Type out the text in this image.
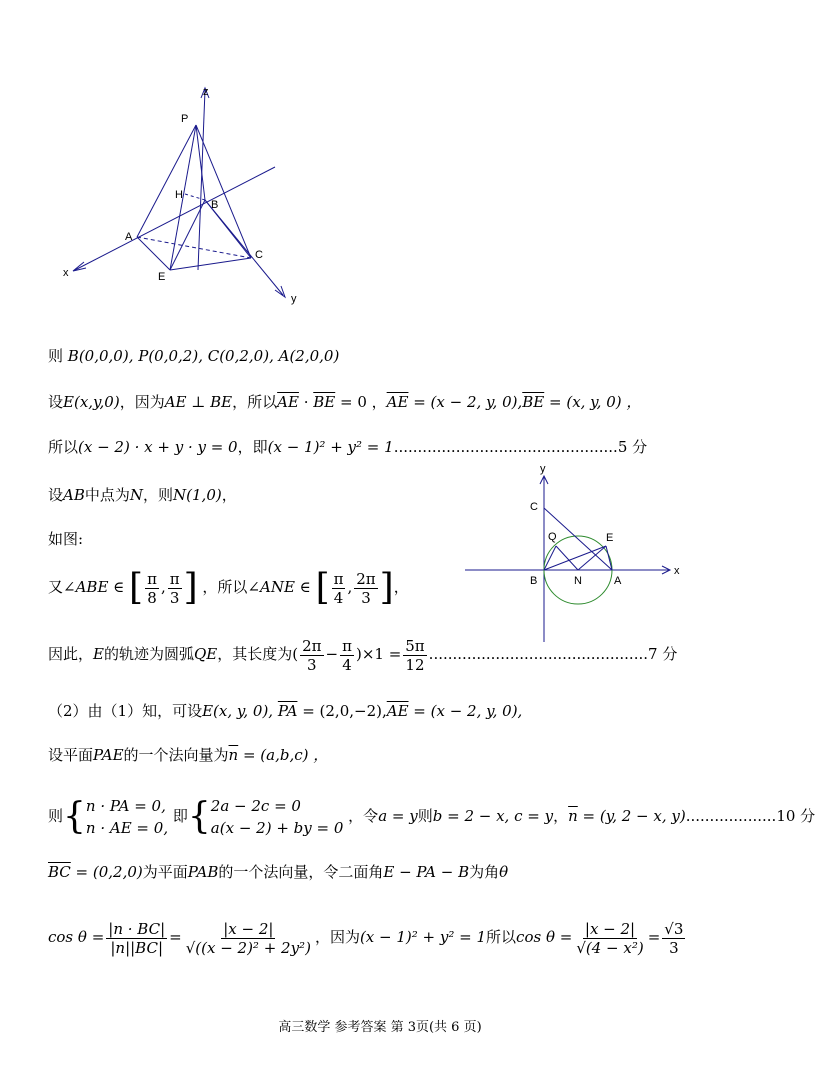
z
P
H
B
A
C
E
x
y
y
C
Q	E
B	N	A
x
则 B(0,0,0), P(0,0,2), C(0,2,0), A(2,0,0)
设E(x,y,0)，因为AE ⊥ BE，所以$\overline{AE} \cdot \overline{BE} = 0$ ，$\overline{AE} = (x - 2$, y, $0),\overline{BE} = (x$, y, 0) ，
所以(x − 2) · x + y · y = 0，即(x − 1)² + y² = 1...............................................5 分
设AB中点为N，则N(1,0)，
如图:
又∠ABE ∈ [ $\frac{\pi}{8}$ , $\frac{\pi}{3}$ ] ，所以∠ANE ∈ [ $\frac{\pi}{4}$ , $\frac{2\pi}{3}$ ]，
因此，E的轨迹为圆弧QE，其长度为( $\frac{2\pi}{3} - \frac{\pi}{4} )\times 1 = \frac{5\pi}{12} ..............................................7$ 分
（2）由（1）知，可设E(x, y, 0), $\overline{PA} = (2,0,-2),\overline{AE} = (x - 2$, y, 0),
设平面PAE的一个法向量为$\overline{n} = (a,b,c)$ ，
则{ n · PA = 0,
n · AE = 0,
即{ 2a − 2c = 0
a(x − 2) + by = 0
，令a = y则b = 2 − x, c = y，$\overline{n} = (y$, 2 − x, y)...................10 分
$\overline{BC} = (0,2,0)$为平面PAB的一个法向量，令二面角E − PA − B为角θ
$\cos \theta = \frac{|n \cdot BC|}{|n||BC|} = \frac{|x - 2|}{\text{√((x − 2)² + 2y²)}}$ ，因为(x − 1)² + y² = 1所以$\cos \theta = \frac{|x - 2|}{\text{√(4 − x²)}} = \frac{√3}{3}$
高三数学 参考答案 第 3页(共 6 页)
